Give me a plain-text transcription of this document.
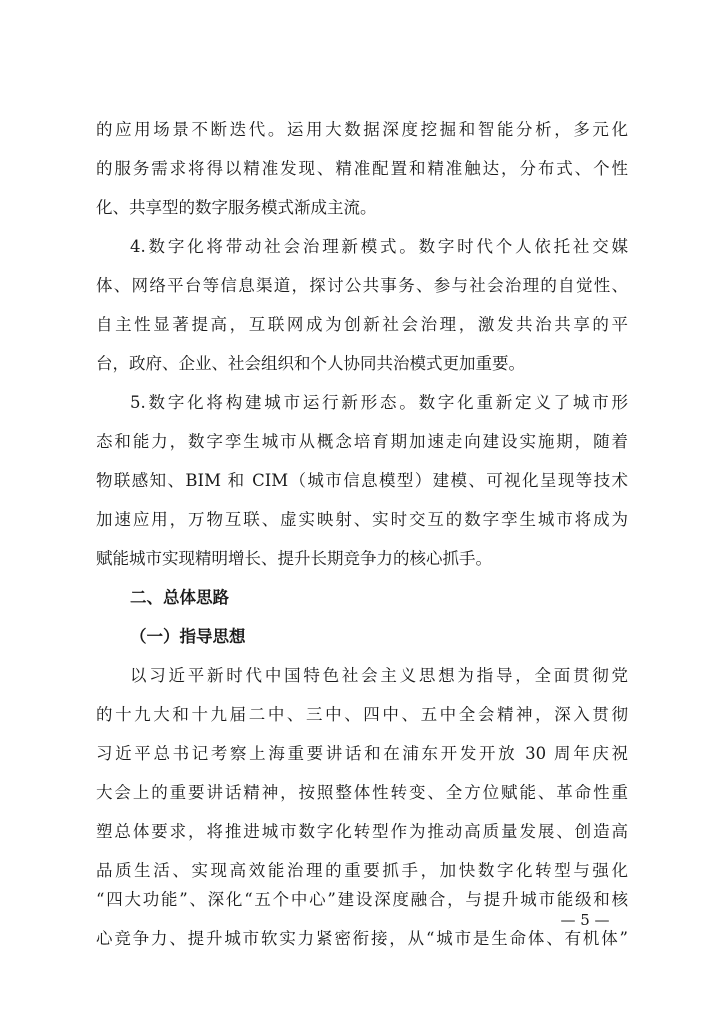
的应用场景不断迭代。运用大数据深度挖掘和智能分析，多元化
的服务需求将得以精准发现、精准配置和精准触达，分布式、个性
化、共享型的数字服务模式渐成主流。
4.数字化将带动社会治理新模式。数字时代个人依托社交媒
体、网络平台等信息渠道，探讨公共事务、参与社会治理的自觉性、
自主性显著提高，互联网成为创新社会治理，激发共治共享的平
台，政府、企业、社会组织和个人协同共治模式更加重要。
5.数字化将构建城市运行新形态。数字化重新定义了城市形
态和能力，数字孪生城市从概念培育期加速走向建设实施期，随着
物联感知、BIM 和 CIM（城市信息模型）建模、可视化呈现等技术
加速应用，万物互联、虚实映射、实时交互的数字孪生城市将成为
赋能城市实现精明增长、提升长期竞争力的核心抓手。
二、总体思路
（一）指导思想
以习近平新时代中国特色社会主义思想为指导，全面贯彻党
的十九大和十九届二中、三中、四中、五中全会精神，深入贯彻
习近平总书记考察上海重要讲话和在浦东开发开放 30 周年庆祝
大会上的重要讲话精神，按照整体性转变、全方位赋能、革命性重
塑总体要求，将推进城市数字化转型作为推动高质量发展、创造高
品质生活、实现高效能治理的重要抓手，加快数字化转型与强化
“四大功能”、深化“五个中心”建设深度融合，与提升城市能级和核
心竞争力、提升城市软实力紧密衔接，从“城市是生命体、有机体”
— 5 —
